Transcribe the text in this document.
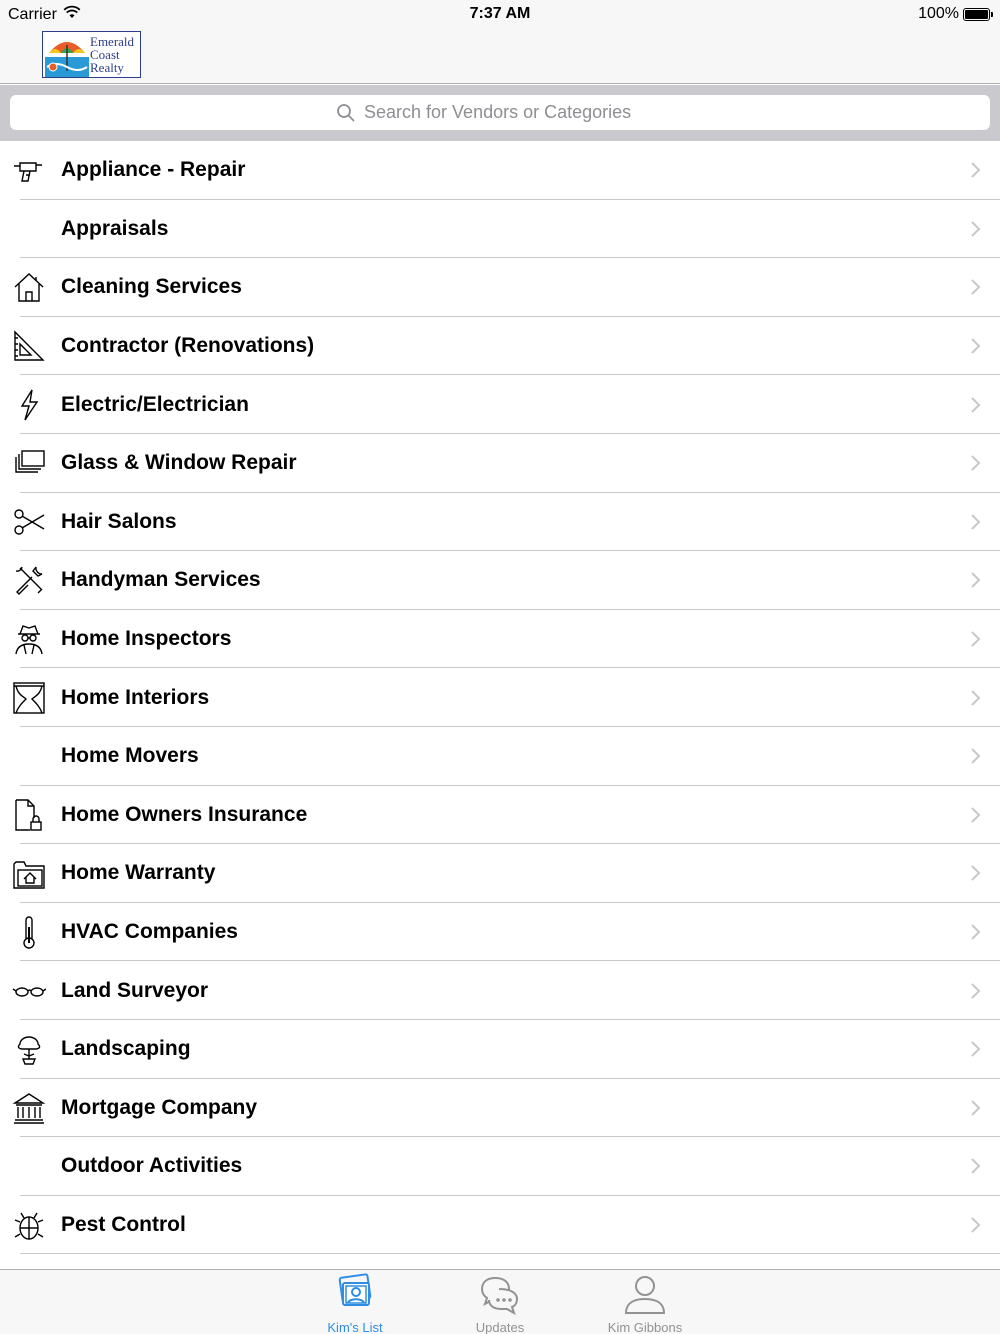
Carrier	7:37 AM	100%
Emerald
Coast
Realty
Search for Vendors or Categories
Appliance - Repair
Appraisals
Cleaning Services
Contractor (Renovations)
Electric/Electrician
Glass & Window Repair
Hair Salons
Handyman Services
Home Inspectors
Home Interiors
Home Movers
Home Owners Insurance
Home Warranty
HVAC Companies
Land Surveyor
Landscaping
Mortgage Company
Outdoor Activities
Pest Control
Kim's List	Updates	Kim Gibbons
